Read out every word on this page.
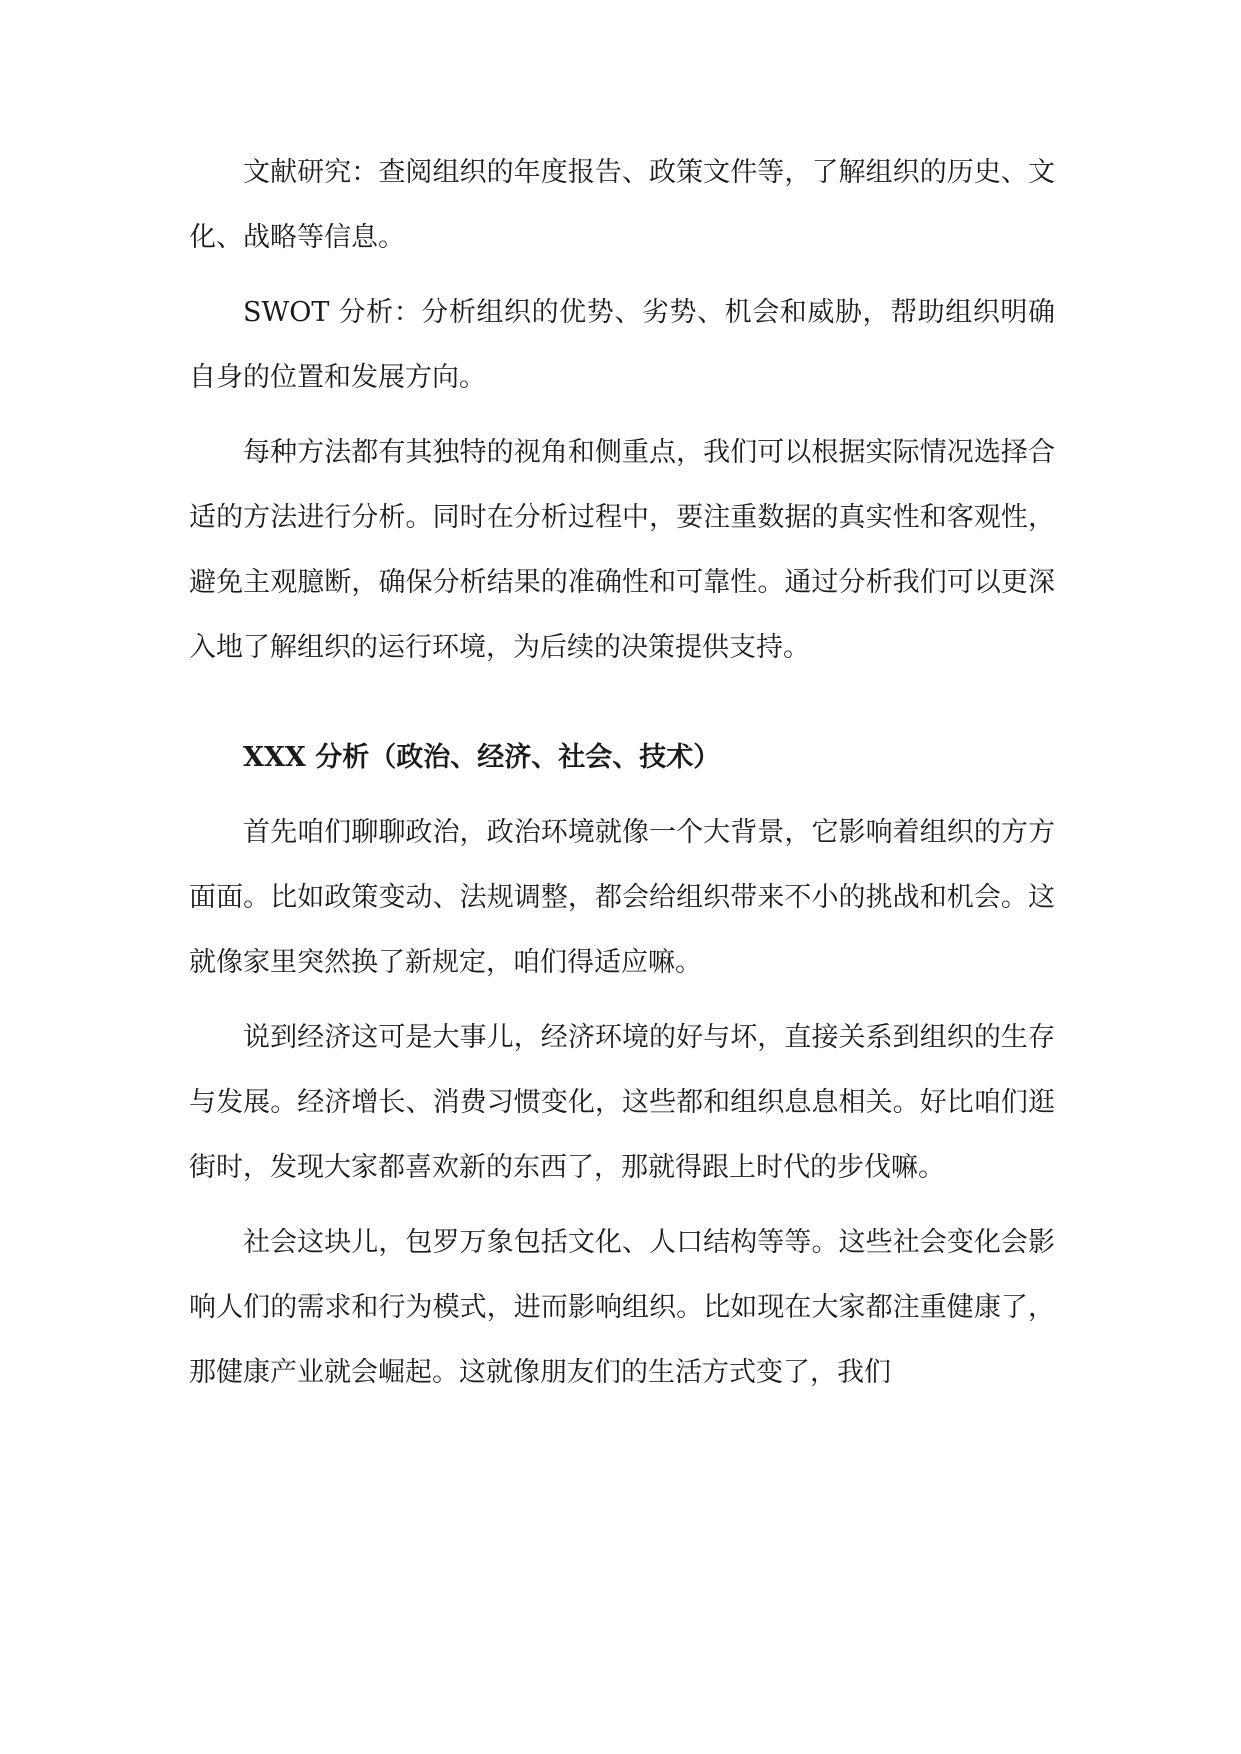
文献研究：查阅组织的年度报告、政策文件等，了解组织的历史、文化、战略等信息。

SWOT 分析：分析组织的优势、劣势、机会和威胁，帮助组织明确自身的位置和发展方向。

每种方法都有其独特的视角和侧重点，我们可以根据实际情况选择合适的方法进行分析。同时在分析过程中，要注重数据的真实性和客观性，避免主观臆断，确保分析结果的准确性和可靠性。通过分析我们可以更深入地了解组织的运行环境，为后续的决策提供支持。

XXX 分析（政治、经济、社会、技术）

首先咱们聊聊政治，政治环境就像一个大背景，它影响着组织的方方面面。比如政策变动、法规调整，都会给组织带来不小的挑战和机会。这就像家里突然换了新规定，咱们得适应嘛。

说到经济这可是大事儿，经济环境的好与坏，直接关系到组织的生存与发展。经济增长、消费习惯变化，这些都和组织息息相关。好比咱们逛街时，发现大家都喜欢新的东西了，那就得跟上时代的步伐嘛。

社会这块儿，包罗万象包括文化、人口结构等等。这些社会变化会影响人们的需求和行为模式，进而影响组织。比如现在大家都注重健康了，那健康产业就会崛起。这就像朋友们的生活方式变了，我们
